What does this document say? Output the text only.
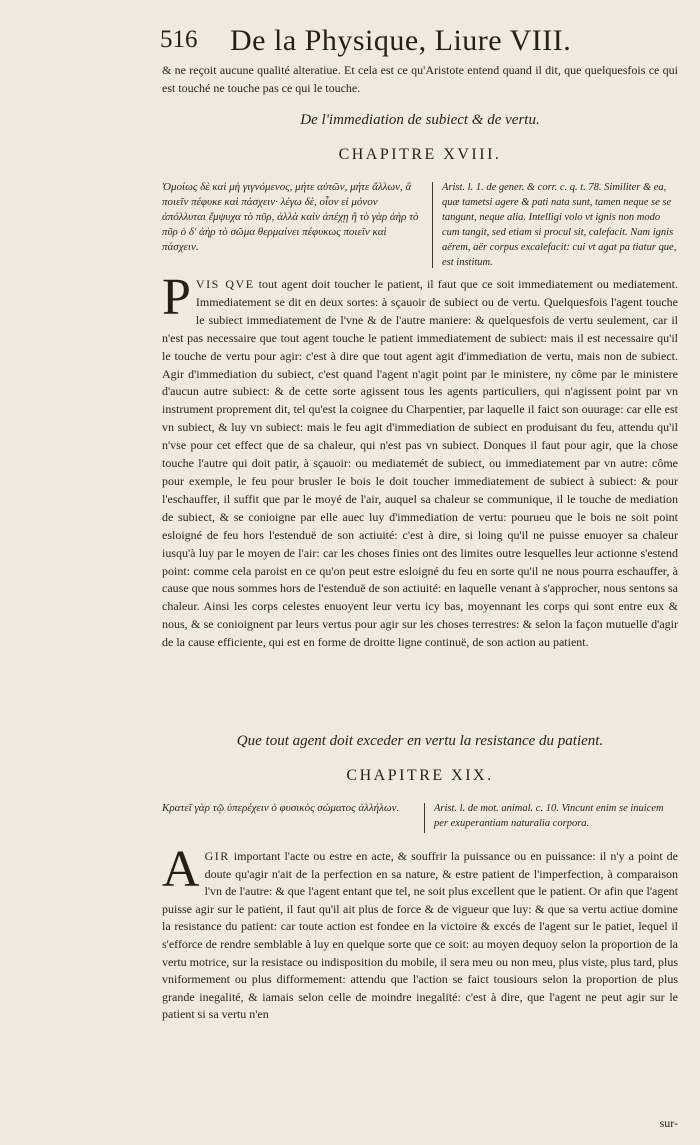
516 De la Physique, Liure VIII.

& ne reçoit aucune qualité alteratiue. Et cela est ce qu'Aristote entend quand il dit, que quelquesfois ce qui est touché ne touche pas ce qui le touche.

De l'immediation de subiect & de vertu.
CHAPITRE XVIII.

Ὁμοίως δὲ καὶ μὴ γιγνόμενος, μήτε αὐτῶν, μήτε ἄλλων, ἃ ποιεῖν πέφυκε καὶ πάσχειν· λέγω δὲ, οἷον εἰ μόνον ἀπόλλυται ἔμψυχα τὸ πῦρ, ἀλλὰ καὶν ἀπέχῃ ἢ τὸ γὰρ ἀὴρ τὸ πῦρ ὁ δ' ἀὴρ τὸ σῶμα θερμαίνει πέφυκως ποιεῖν καὶ πάσχειν.

Arist. l. 1. de gener. & corr. c. q. t. 78. Similiter & ea, quæ tametsi agere & pati nata sunt, tamen neque se se tangunt, neque alia. Intelligi volo vt ignis non modo cum tangit, sed etiam si procul sit, calefacit. Nam ignis aërem, aër corpus excalefacit: cui vt agat pa tiatur que, est institum.

P VIS QVE tout agent doit toucher le patient, il faut que ce soit immediatement ou mediatement. Immediatement se dit en deux sortes: à sçauoir de subiect ou de vertu. Quelquesfois l'agent touche le subiect immediatement de l'vne & de l'autre maniere: & quelquesfois de vertu seulement, car il n'est pas necessaire que tout agent touche le patient immediatement de subiect: mais il est necessaire qu'il le touche de vertu pour agir: c'est à dire que tout agent agit d'immediation de vertu, mais non de subiect. Agir d'immediation du subiect, c'est quand l'agent n'agit point par le ministere, ny côme par le ministere d'aucun autre subiect: & de cette sorte agissent tous les agents particuliers, qui n'agissent point par vn instrument proprement dit, tel qu'est la coignee du Charpentier, par laquelle il faict son ouurage: car elle est vn subiect, & luy vn subiect: mais le feu agit d'immediation de subiect en produisant du feu, attendu qu'il n'vse pour cet effect que de sa chaleur, qui n'est pas vn subiect. Donques il faut pour agir, que la chose touche l'autre qui doit patir, à sçauoir: ou mediatemét de subiect, ou immediatement par vn autre: côme pour exemple, le feu pour brusler le bois le doit toucher immediatement de subiect à subiect: & pour l'eschauffer, il suffit que par le moyé de l'air, auquel sa chaleur se communique, il le touche de mediation de subiect, & se conioigne par elle auec luy d'immediation de vertu: pourueu que le bois ne soit point esloigné de feu hors l'estenduë de son actiuité: c'est à dire, si loing qu'il ne puisse enuoyer sa chaleur iusqu'à luy par le moyen de l'air: car les choses finies ont des limites outre lesquelles leur actionne s'estend point: comme cela paroist en ce qu'on peut estre esloigné du feu en sorte qu'il ne nous pourra eschauffer, à cause que nous sommes hors de l'estenduë de son actiuité: en laquelle venant à s'approcher, nous sentons sa chaleur. Ainsi les corps celestes enuoyent leur vertu icy bas, moyennant les corps qui sont entre eux & nous, & se conioignent par leurs vertus pour agir sur les choses terrestres: & selon la façon mutuelle d'agir de la cause efficiente, qui est en forme de droitte ligne continuë, de son action au patient.

Que tout agent doit exceder en vertu la resistance du patient.
CHAPITRE XIX.

Κρατεῖ γὰρ τῷ ὑπερέχειν ὁ φυσικὸς σώματος ἀλλήλων.	Arist. l. de mot. animal. c. 10. Vincunt enim se inuicem per exuperantiam naturalia corpora.

A GIR important l'acte ou estre en acte, & souffrir la puissance ou en puissance: il n'y a point de doute qu'agir n'ait de la perfection en sa nature, & estre patient de l'imperfection, à comparaison l'vn de l'autre: & que l'agent entant que tel, ne soit plus excellent que le patient. Or afin que l'agent puisse agir sur le patient, il faut qu'il ait plus de force & de vigueur que luy: & que sa vertu actiue domine la resistance du patient: car toute action est fondee en la victoire & excés de l'agent sur le patiet, lequel il s'efforce de rendre semblable à luy en quelque sorte que ce soit: au moyen dequoy selon la proportion de la vertu motrice, sur la resistace ou indisposition du mobile, il sera meu ou non meu, plus viste, plus tard, plus vniformement ou plus difformement: attendu que l'action se faict tousiours selon la proportion de plus grande inegalité, & iamais selon celle de moindre inegalité: c'est à dire, que l'agent ne peut agir sur le patient si sa vertu n'en

sur-
